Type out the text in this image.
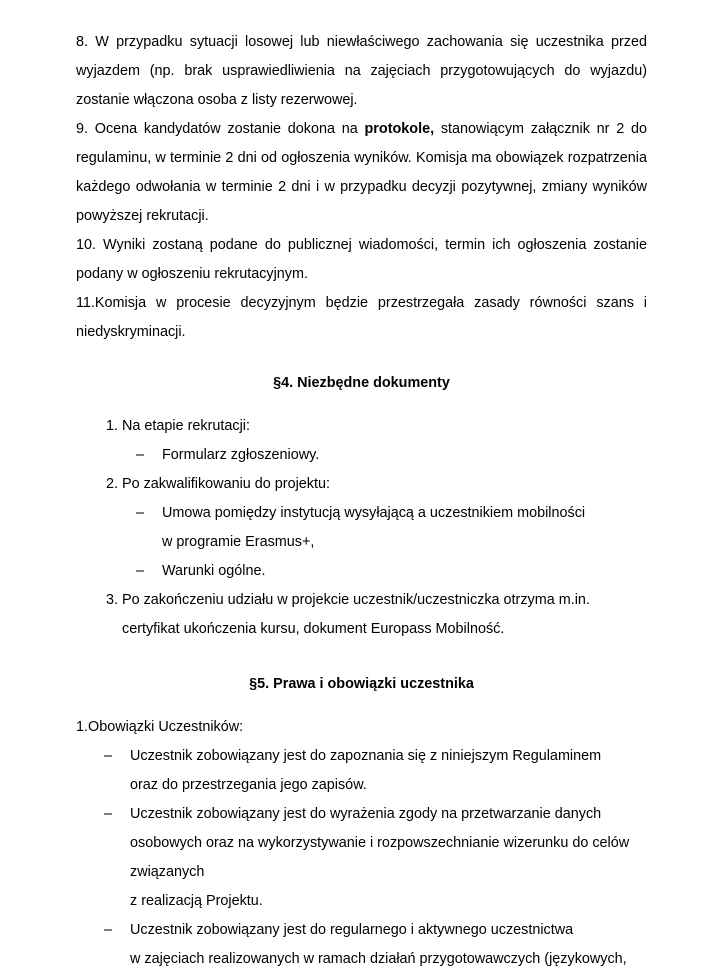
8. W przypadku sytuacji losowej lub niewłaściwego zachowania się uczestnika przed wyjazdem (np. brak usprawiedliwienia na zajęciach przygotowujących do wyjazdu) zostanie włączona osoba z listy rezerwowej.

9. Ocena kandydatów zostanie dokona na protokole, stanowiącym załącznik nr 2 do regulaminu, w terminie 2 dni od ogłoszenia wyników. Komisja ma obowiązek rozpatrzenia każdego odwołania w terminie 2 dni i w przypadku decyzji pozytywnej, zmiany wyników powyższej rekrutacji.

10. Wyniki zostaną podane do publicznej wiadomości, termin ich ogłoszenia zostanie podany w ogłoszeniu rekrutacyjnym.

11.Komisja w procesie decyzyjnym będzie przestrzegała zasady równości szans i niedyskryminacji.

§4. Niezbędne dokumenty
1. Na etapie rekrutacji:
– Formularz zgłoszeniowy.
2. Po zakwalifikowaniu do projektu:
– Umowa pomiędzy instytucją wysyłającą a uczestnikiem mobilności
w programie Erasmus+,
– Warunki ogólne.
3. Po zakończeniu udziału w projekcie uczestnik/uczestniczka otrzyma m.in.
certyfikat ukończenia kursu, dokument Europass Mobilność.
§5. Prawa i obowiązki uczestnika

1.Obowiązki Uczestników:

– Uczestnik zobowiązany jest do zapoznania się z niniejszym Regulaminem
oraz do przestrzegania jego zapisów.
– Uczestnik zobowiązany jest do wyrażenia zgody na przetwarzanie danych
osobowych oraz na wykorzystywanie i rozpowszechnianie wizerunku do celów
związanych
z realizacją Projektu.
– Uczestnik zobowiązany jest do regularnego i aktywnego uczestnictwa
w zajęciach realizowanych w ramach działań przygotowawczych (językowych,
